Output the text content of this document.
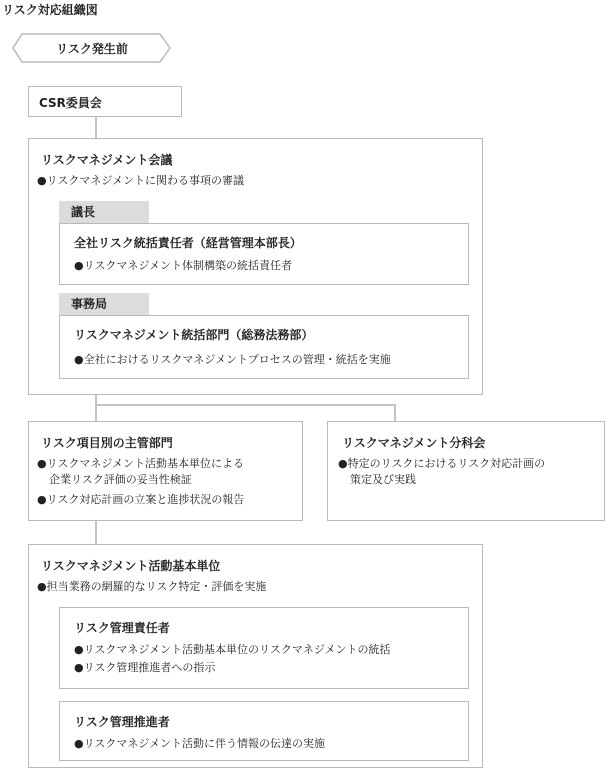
リスク対応組織図
リスク発生前
CSR委員会
リスクマネジメント会議
●リスクマネジメントに関わる事項の審議
議長
全社リスク統括責任者（経営管理本部長）
●リスクマネジメント体制構築の統括責任者
事務局
リスクマネジメント統括部門（総務法務部）
●全社におけるリスクマネジメントプロセスの管理・統括を実施
リスク項目別の主管部門
●リスクマネジメント活動基本単位による
企業リスク評価の妥当性検証
●リスク対応計画の立案と進捗状況の報告
リスクマネジメント分科会
●特定のリスクにおけるリスク対応計画の
策定及び実践
リスクマネジメント活動基本単位
●担当業務の網羅的なリスク特定・評価を実施
リスク管理責任者
●リスクマネジメント活動基本単位のリスクマネジメントの統括
●リスク管理推進者への指示
リスク管理推進者
●リスクマネジメント活動に伴う情報の伝達の実施
